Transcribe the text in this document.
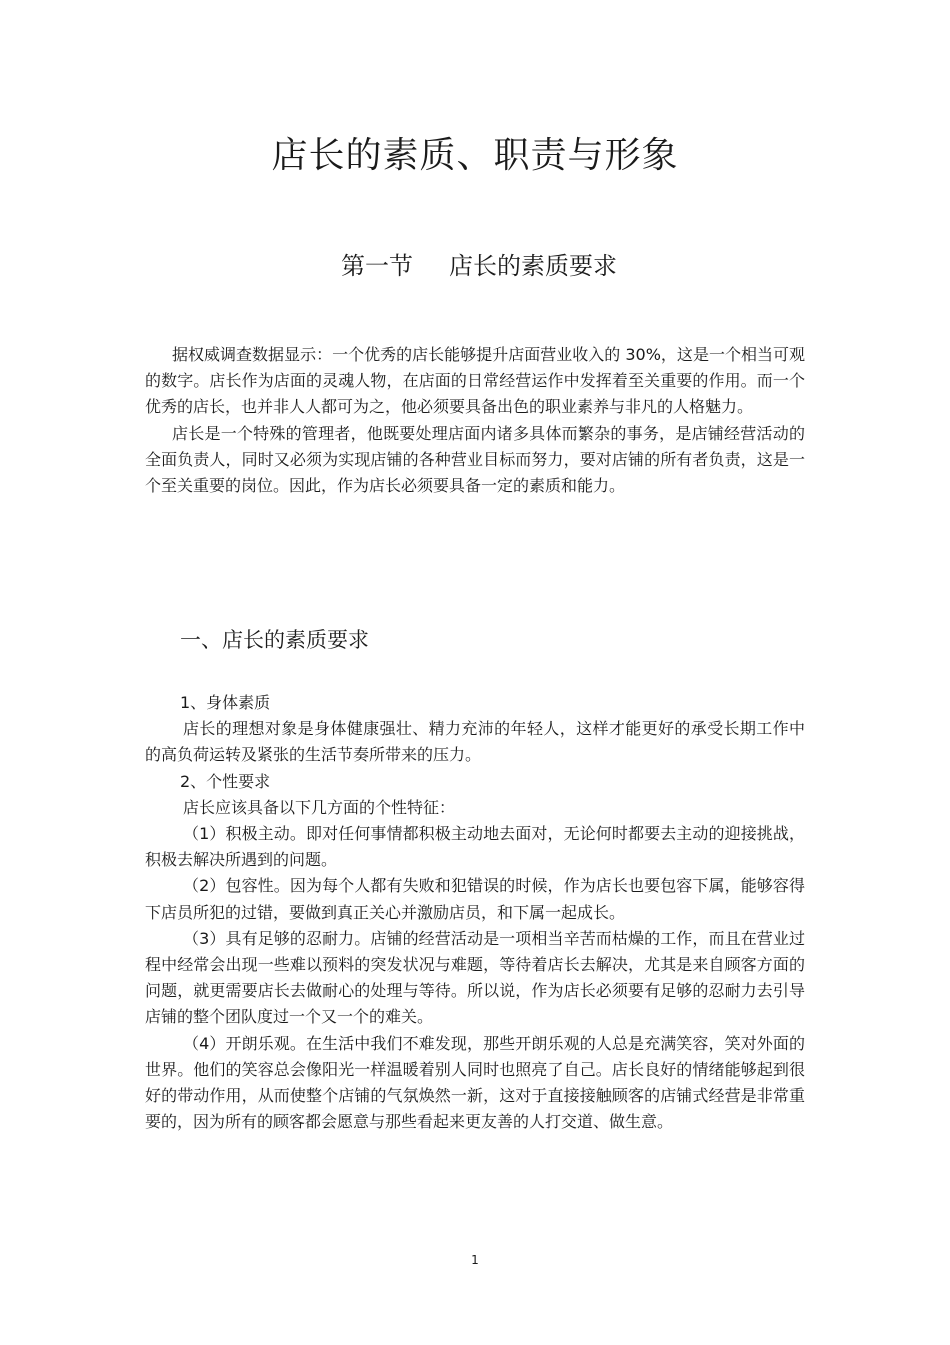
店长的素质、职责与形象
第一节 店长的素质要求

据权威调查数据显示：一个优秀的店长能够提升店面营业收入的 30%，这是一个相当可观的数字。店长作为店面的灵魂人物，在店面的日常经营运作中发挥着至关重要的作用。而一个优秀的店长，也并非人人都可为之，他必须要具备出色的职业素养与非凡的人格魅力。

店长是一个特殊的管理者，他既要处理店面内诸多具体而繁杂的事务，是店铺经营活动的全面负责人，同时又必须为实现店铺的各种营业目标而努力，要对店铺的所有者负责，这是一个至关重要的岗位。因此，作为店长必须要具备一定的素质和能力。

一、店长的素质要求

1、身体素质

店长的理想对象是身体健康强壮、精力充沛的年轻人，这样才能更好的承受长期工作中的高负荷运转及紧张的生活节奏所带来的压力。

2、个性要求

店长应该具备以下几方面的个性特征：

（1）积极主动。即对任何事情都积极主动地去面对，无论何时都要去主动的迎接挑战，积极去解决所遇到的问题。

（2）包容性。因为每个人都有失败和犯错误的时候，作为店长也要包容下属，能够容得下店员所犯的过错，要做到真正关心并激励店员，和下属一起成长。

（3）具有足够的忍耐力。店铺的经营活动是一项相当辛苦而枯燥的工作，而且在营业过程中经常会出现一些难以预料的突发状况与难题，等待着店长去解决，尤其是来自顾客方面的问题，就更需要店长去做耐心的处理与等待。所以说，作为店长必须要有足够的忍耐力去引导店铺的整个团队度过一个又一个的难关。

（4）开朗乐观。在生活中我们不难发现，那些开朗乐观的人总是充满笑容，笑对外面的世界。他们的笑容总会像阳光一样温暖着别人同时也照亮了自己。店长良好的情绪能够起到很好的带动作用，从而使整个店铺的气氛焕然一新，这对于直接接触顾客的店铺式经营是非常重要的，因为所有的顾客都会愿意与那些看起来更友善的人打交道、做生意。

1
